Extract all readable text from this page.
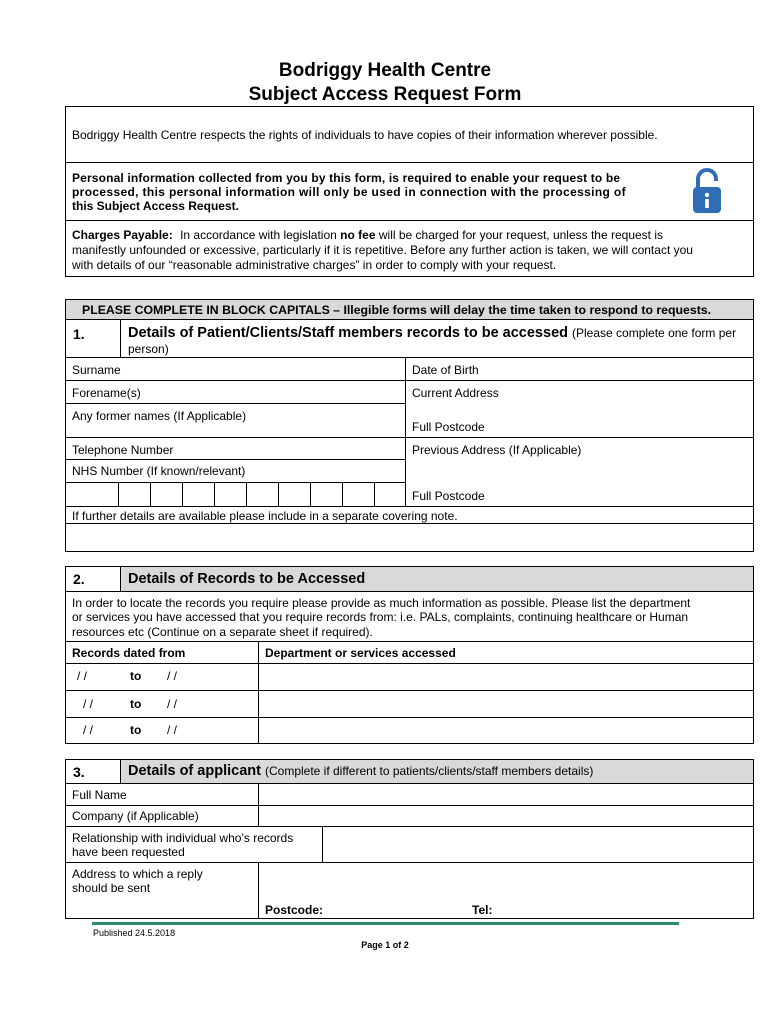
Bodriggy Health Centre
Subject Access Request Form
Bodriggy Health Centre respects the rights of individuals to have copies of their information wherever possible.
Personal information collected from you by this form, is required to enable your request to be
processed, this personal information will only be used in connection with the processing of
this Subject Access Request.
Charges Payable: In accordance with legislation no fee will be charged for your request, unless the request is
manifestly unfounded or excessive, particularly if it is repetitive. Before any further action is taken, we will contact you
with details of our “reasonable administrative charges” in order to comply with your request.
PLEASE COMPLETE IN BLOCK CAPITALS – Illegible forms will delay the time taken to respond to requests.
1.	Details of Patient/Clients/Staff members records to be accessed (Please complete one form per
person)
Surname	Date of Birth
Forename(s)	Current Address
Any former names (If Applicable)
Full Postcode
Telephone Number	Previous Address (If Applicable)
NHS Number (If known/relevant)
Full Postcode
If further details are available please include in a separate covering note.
2.	Details of Records to be Accessed
In order to locate the records you require please provide as much information as possible. Please list the department
or services you have accessed that you require records from: i.e. PALs, complaints, continuing healthcare or Human
resources etc (Continue on a separate sheet if required).
Records dated from	Department or services accessed
/ /	to / /
/ /	to / /
/ /	to / /
3.	Details of applicant (Complete if different to patients/clients/staff members details)
Full Name
Company (if Applicable)
Relationship with individual who’s records
have been requested
Address to which a reply
should be sent
Postcode:	Tel:
Published 24.5.2018
Page 1 of 2
